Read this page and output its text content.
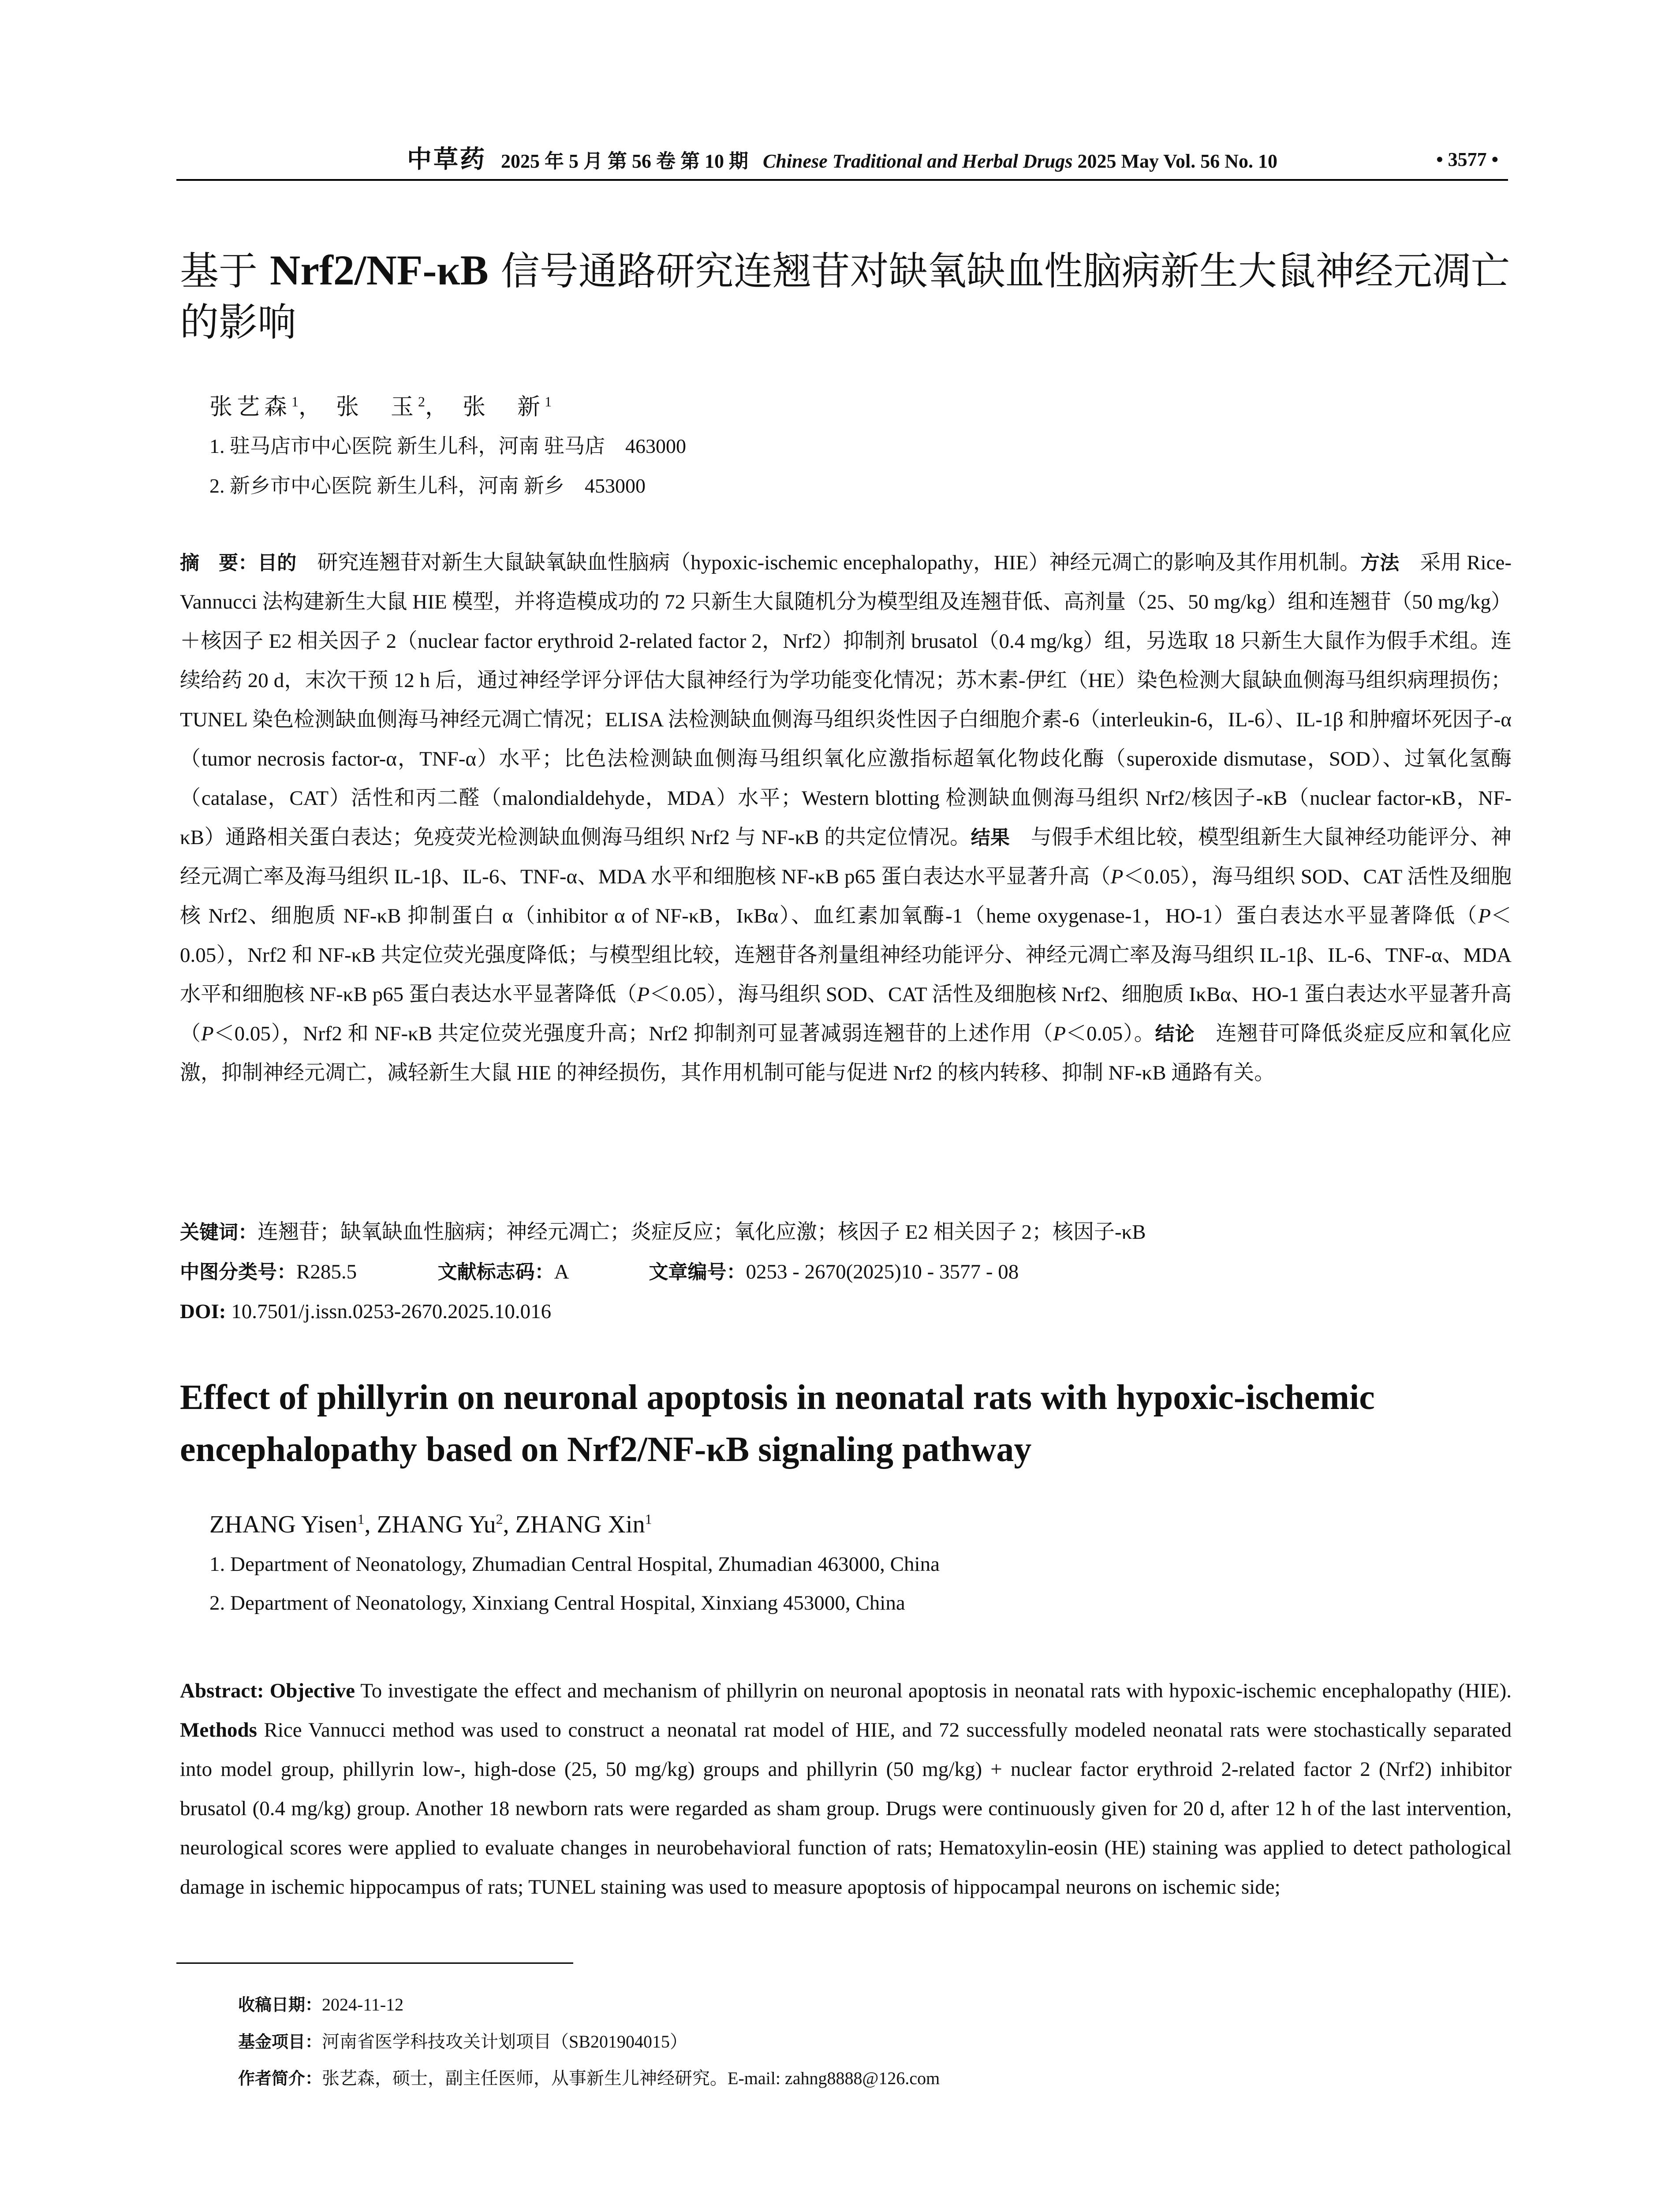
中草药 2025 年 5 月 第 56 卷 第 10 期 Chinese Traditional and Herbal Drugs 2025 May Vol. 56 No. 10	• 3577 •
基于 Nrf2/NF-κB 信号通路研究连翘苷对缺氧缺血性脑病新生大鼠神经元凋亡的影响
张艺森$^1$， 张　玉$^2$， 张　新$^1$
1. 驻马店市中心医院 新生儿科，河南 驻马店　463000
2. 新乡市中心医院 新生儿科，河南 新乡　453000

摘　要：目的　研究连翘苷对新生大鼠缺氧缺血性脑病（hypoxic-ischemic encephalopathy，HIE）神经元凋亡的影响及其作用机制。方法　采用 Rice-Vannucci 法构建新生大鼠 HIE 模型，并将造模成功的 72 只新生大鼠随机分为模型组及连翘苷低、高剂量（25、50 mg/kg）组和连翘苷（50 mg/kg）＋核因子 E2 相关因子 2（nuclear factor erythroid 2-related factor 2，Nrf2）抑制剂 brusatol（0.4 mg/kg）组，另选取 18 只新生大鼠作为假手术组。连续给药 20 d，末次干预 12 h 后，通过神经学评分评估大鼠神经行为学功能变化情况；苏木素-伊红（HE）染色检测大鼠缺血侧海马组织病理损伤；TUNEL 染色检测缺血侧海马神经元凋亡情况；ELISA 法检测缺血侧海马组织炎性因子白细胞介素-6（interleukin-6，IL-6）、IL-1β 和肿瘤坏死因子-α（tumor necrosis factor-α，TNF-α）水平；比色法检测缺血侧海马组织氧化应激指标超氧化物歧化酶（superoxide dismutase，SOD）、过氧化氢酶（catalase，CAT）活性和丙二醛（malondialdehyde，MDA）水平；Western blotting 检测缺血侧海马组织 Nrf2/核因子-κB（nuclear factor-κB，NF-κB）通路相关蛋白表达；免疫荧光检测缺血侧海马组织 Nrf2 与 NF-κB 的共定位情况。结果　与假手术组比较，模型组新生大鼠神经功能评分、神经元凋亡率及海马组织 IL-1β、IL-6、TNF-α、MDA 水平和细胞核 NF-κB p65 蛋白表达水平显著升高（P＜0.05），海马组织 SOD、CAT 活性及细胞核 Nrf2、细胞质 NF-κB 抑制蛋白 α（inhibitor α of NF-κB，IκBα）、血红素加氧酶-1（heme oxygenase-1，HO-1）蛋白表达水平显著降低（P＜0.05），Nrf2 和 NF-κB 共定位荧光强度降低；与模型组比较，连翘苷各剂量组神经功能评分、神经元凋亡率及海马组织 IL-1β、IL-6、TNF-α、MDA 水平和细胞核 NF-κB p65 蛋白表达水平显著降低（P＜0.05），海马组织 SOD、CAT 活性及细胞核 Nrf2、细胞质 IκBα、HO-1 蛋白表达水平显著升高（P＜0.05），Nrf2 和 NF-κB 共定位荧光强度升高；Nrf2 抑制剂可显著减弱连翘苷的上述作用（P＜0.05）。结论　连翘苷可降低炎症反应和氧化应激，抑制神经元凋亡，减轻新生大鼠 HIE 的神经损伤，其作用机制可能与促进 Nrf2 的核内转移、抑制 NF-κB 通路有关。

关键词：连翘苷；缺氧缺血性脑病；神经元凋亡；炎症反应；氧化应激；核因子 E2 相关因子 2；核因子-κB
中图分类号：R285.5	文献标志码：A	文章编号：0253 - 2670(2025)10 - 3577 - 08
DOI: 10.7501/j.issn.0253-2670.2025.10.016
Effect of phillyrin on neuronal apoptosis in neonatal rats with hypoxic-ischemic encephalopathy based on Nrf2/NF-κB signaling pathway
ZHANG Yisen$^1$, ZHANG Yu$^2$, ZHANG Xin$^1$
1. Department of Neonatology, Zhumadian Central Hospital, Zhumadian 463000, China
2. Department of Neonatology, Xinxiang Central Hospital, Xinxiang 453000, China

Abstract: Objective To investigate the effect and mechanism of phillyrin on neuronal apoptosis in neonatal rats with hypoxic-ischemic encephalopathy (HIE). Methods Rice Vannucci method was used to construct a neonatal rat model of HIE, and 72 successfully modeled neonatal rats were stochastically separated into model group, phillyrin low-, high-dose (25, 50 mg/kg) groups and phillyrin (50 mg/kg) + nuclear factor erythroid 2-related factor 2 (Nrf2) inhibitor brusatol (0.4 mg/kg) group. Another 18 newborn rats were regarded as sham group. Drugs were continuously given for 20 d, after 12 h of the last intervention, neurological scores were applied to evaluate changes in neurobehavioral function of rats; Hematoxylin-eosin (HE) staining was applied to detect pathological damage in ischemic hippocampus of rats; TUNEL staining was used to measure apoptosis of hippocampal neurons on ischemic side;

收稿日期：2024-11-12
基金项目：河南省医学科技攻关计划项目（SB201904015）
作者简介：张艺森，硕士，副主任医师，从事新生儿神经研究。E-mail: zahng8888@126.com
